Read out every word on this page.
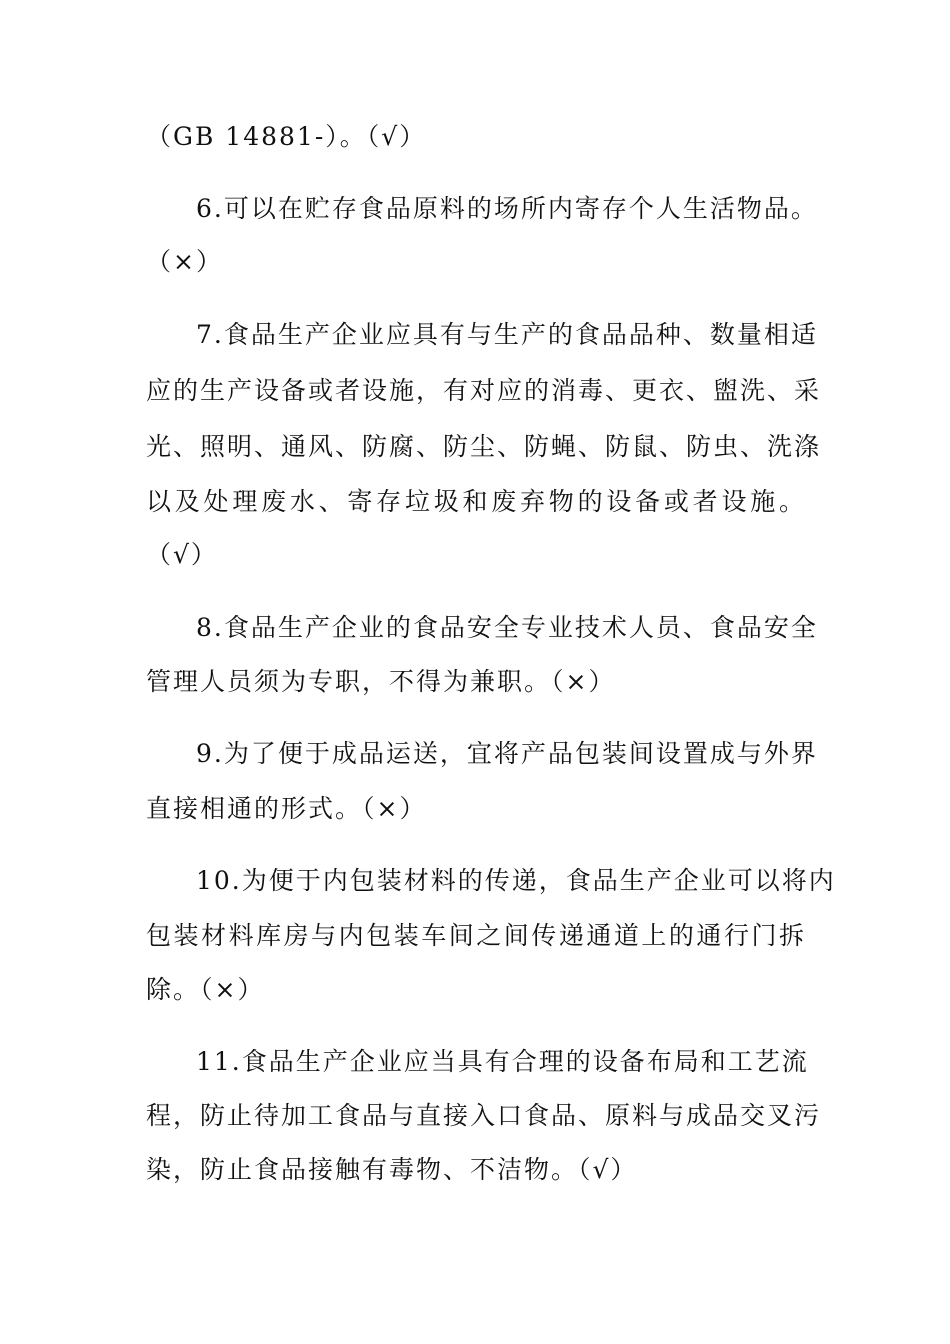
（GB 14881-）。（√）
6.可以在贮存食品原料的场所内寄存个人生活物品。
（×）
7.食品生产企业应具有与生产的食品品种、数量相适
应的生产设备或者设施，有对应的消毒、更衣、盥洗、采
光、照明、通风、防腐、防尘、防蝇、防鼠、防虫、洗涤
以及处理废水、寄存垃圾和废弃物的设备或者设施。
（√）
8.食品生产企业的食品安全专业技术人员、食品安全
管理人员须为专职，不得为兼职。（×）
9.为了便于成品运送，宜将产品包装间设置成与外界
直接相通的形式。（×）
10.为便于内包装材料的传递，食品生产企业可以将内
包装材料库房与内包装车间之间传递通道上的通行门拆
除。（×）
11.食品生产企业应当具有合理的设备布局和工艺流
程，防止待加工食品与直接入口食品、原料与成品交叉污
染，防止食品接触有毒物、不洁物。（√）
